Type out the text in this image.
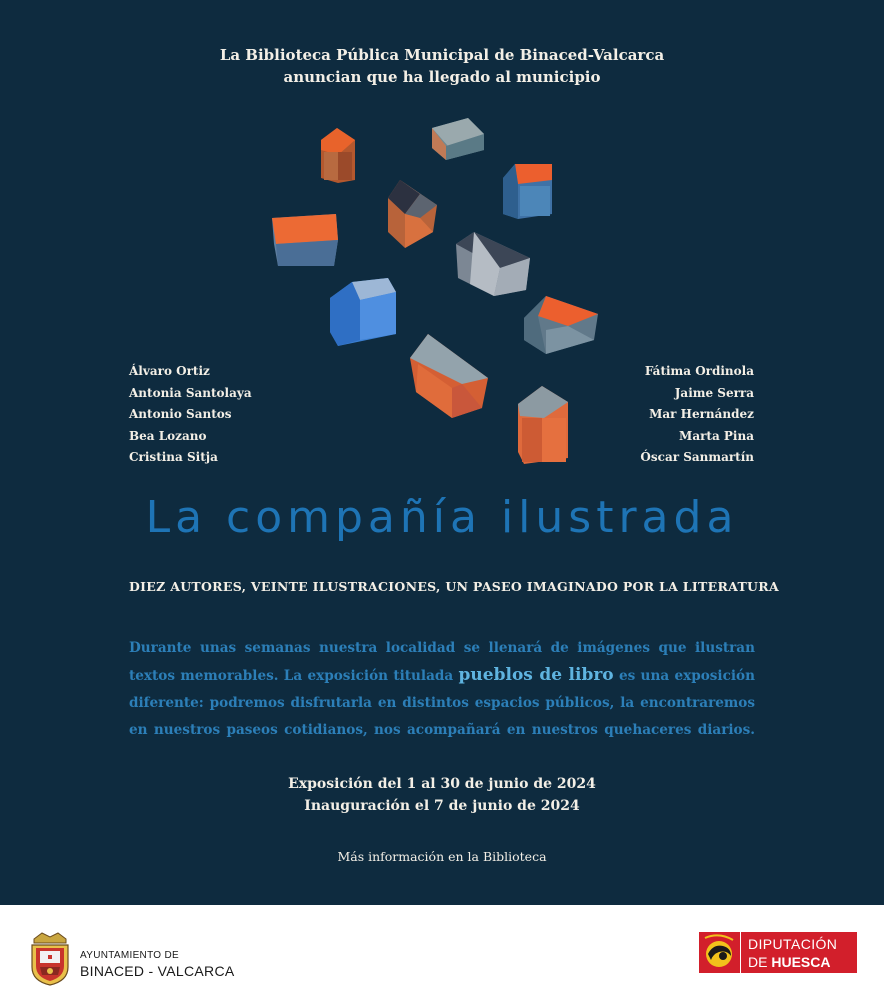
La Biblioteca Pública Municipal de Binaced-Valcarca
anuncian que ha llegado al municipio
Álvaro Ortiz
Antonia Santolaya
Antonio Santos
Bea Lozano
Cristina Sitja
Fátima Ordinola
Jaime Serra
Mar Hernández
Marta Pina
Óscar Sanmartín
La compañía ilustrada
DIEZ AUTORES, VEINTE ILUSTRACIONES, UN PASEO IMAGINADO POR LA LITERATURA
Durante unas semanas nuestra localidad se llenará de imágenes que ilustran textos memorables. La exposición titulada pueblos de libro es una exposición diferente: podremos disfrutarla en distintos espacios públicos, la encontraremos en nuestros paseos cotidianos, nos acompañará en nuestros quehaceres diarios.
Exposición del 1 al 30 de junio de 2024
Inauguración el 7 de junio de 2024
Más información en la Biblioteca
AYUNTAMIENTO DE
BINACED - VALCARCA
DIPUTACIÓN
DE HUESCA
